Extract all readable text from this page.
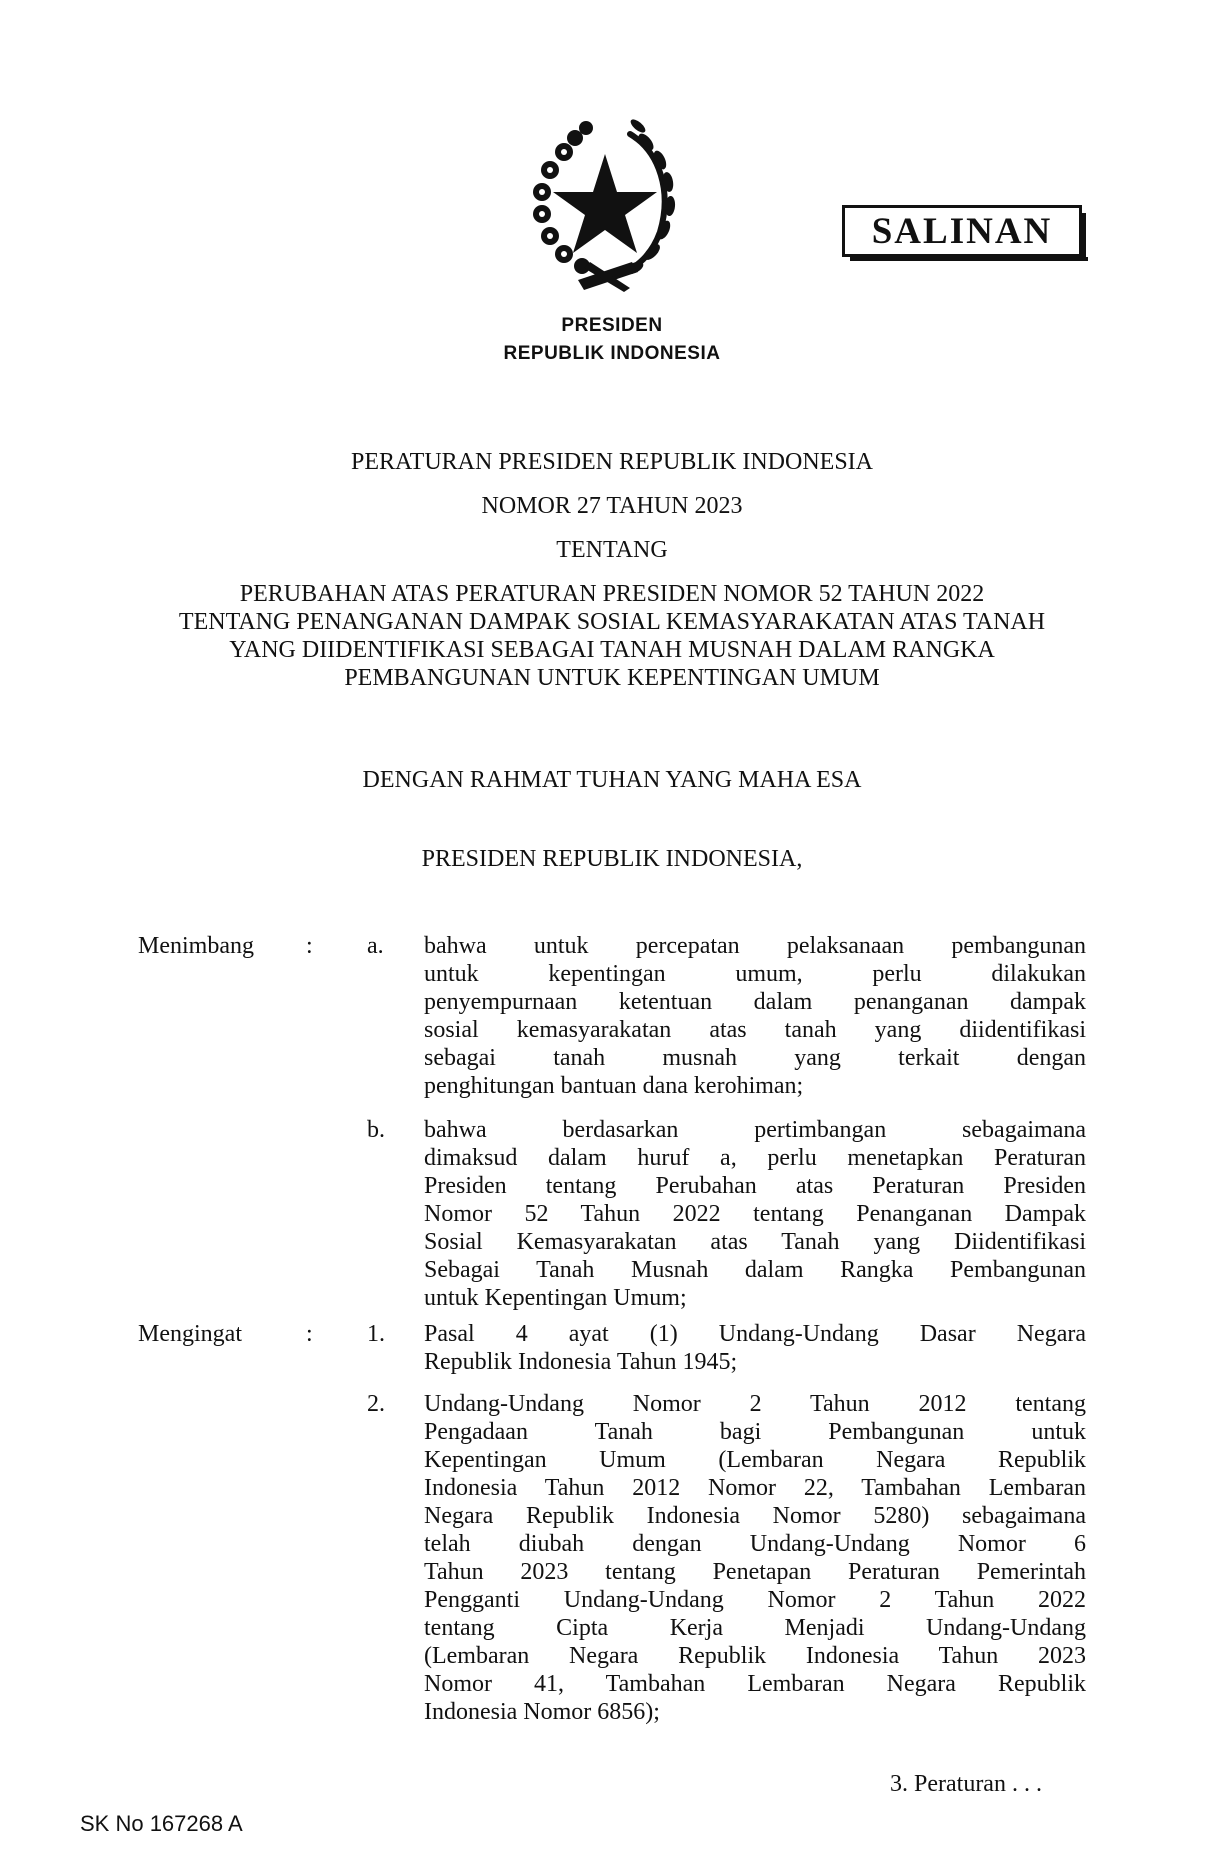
PRESIDEN
REPUBLIK INDONESIA
SALINAN
PERATURAN PRESIDEN REPUBLIK INDONESIA
NOMOR 27 TAHUN 2023
TENTANG
PERUBAHAN ATAS PERATURAN PRESIDEN NOMOR 52 TAHUN 2022
TENTANG PENANGANAN DAMPAK SOSIAL KEMASYARAKATAN ATAS TANAH
YANG DIIDENTIFIKASI SEBAGAI TANAH MUSNAH DALAM RANGKA
PEMBANGUNAN UNTUK KEPENTINGAN UMUM
DENGAN RAHMAT TUHAN YANG MAHA ESA
PRESIDEN REPUBLIK INDONESIA,
Menimbang : a. bahwa untuk percepatan pelaksanaan pembangunan
untuk kepentingan umum, perlu dilakukan
penyempurnaan ketentuan dalam penanganan dampak
sosial kemasyarakatan atas tanah yang diidentifikasi
sebagai tanah musnah yang terkait dengan
penghitungan bantuan dana kerohiman;
b. bahwa berdasarkan pertimbangan sebagaimana
dimaksud dalam huruf a, perlu menetapkan Peraturan
Presiden tentang Perubahan atas Peraturan Presiden
Nomor 52 Tahun 2022 tentang Penanganan Dampak
Sosial Kemasyarakatan atas Tanah yang Diidentifikasi
Sebagai Tanah Musnah dalam Rangka Pembangunan
untuk Kepentingan Umum;
Mengingat	: 1. Pasal 4 ayat (1) Undang-Undang Dasar Negara
Republik Indonesia Tahun 1945;
2. Undang-Undang Nomor 2 Tahun 2012 tentang
Pengadaan Tanah bagi Pembangunan untuk
Kepentingan Umum (Lembaran Negara Republik
Indonesia Tahun 2012 Nomor 22, Tambahan Lembaran
Negara Republik Indonesia Nomor 5280) sebagaimana
telah diubah dengan Undang-Undang Nomor 6
Tahun 2023 tentang Penetapan Peraturan Pemerintah
Pengganti Undang-Undang Nomor 2 Tahun 2022
tentang Cipta Kerja Menjadi Undang-Undang
(Lembaran Negara Republik Indonesia Tahun 2023
Nomor 41, Tambahan Lembaran Negara Republik
Indonesia Nomor 6856);
3. Peraturan . . .
SK No 167268 A
